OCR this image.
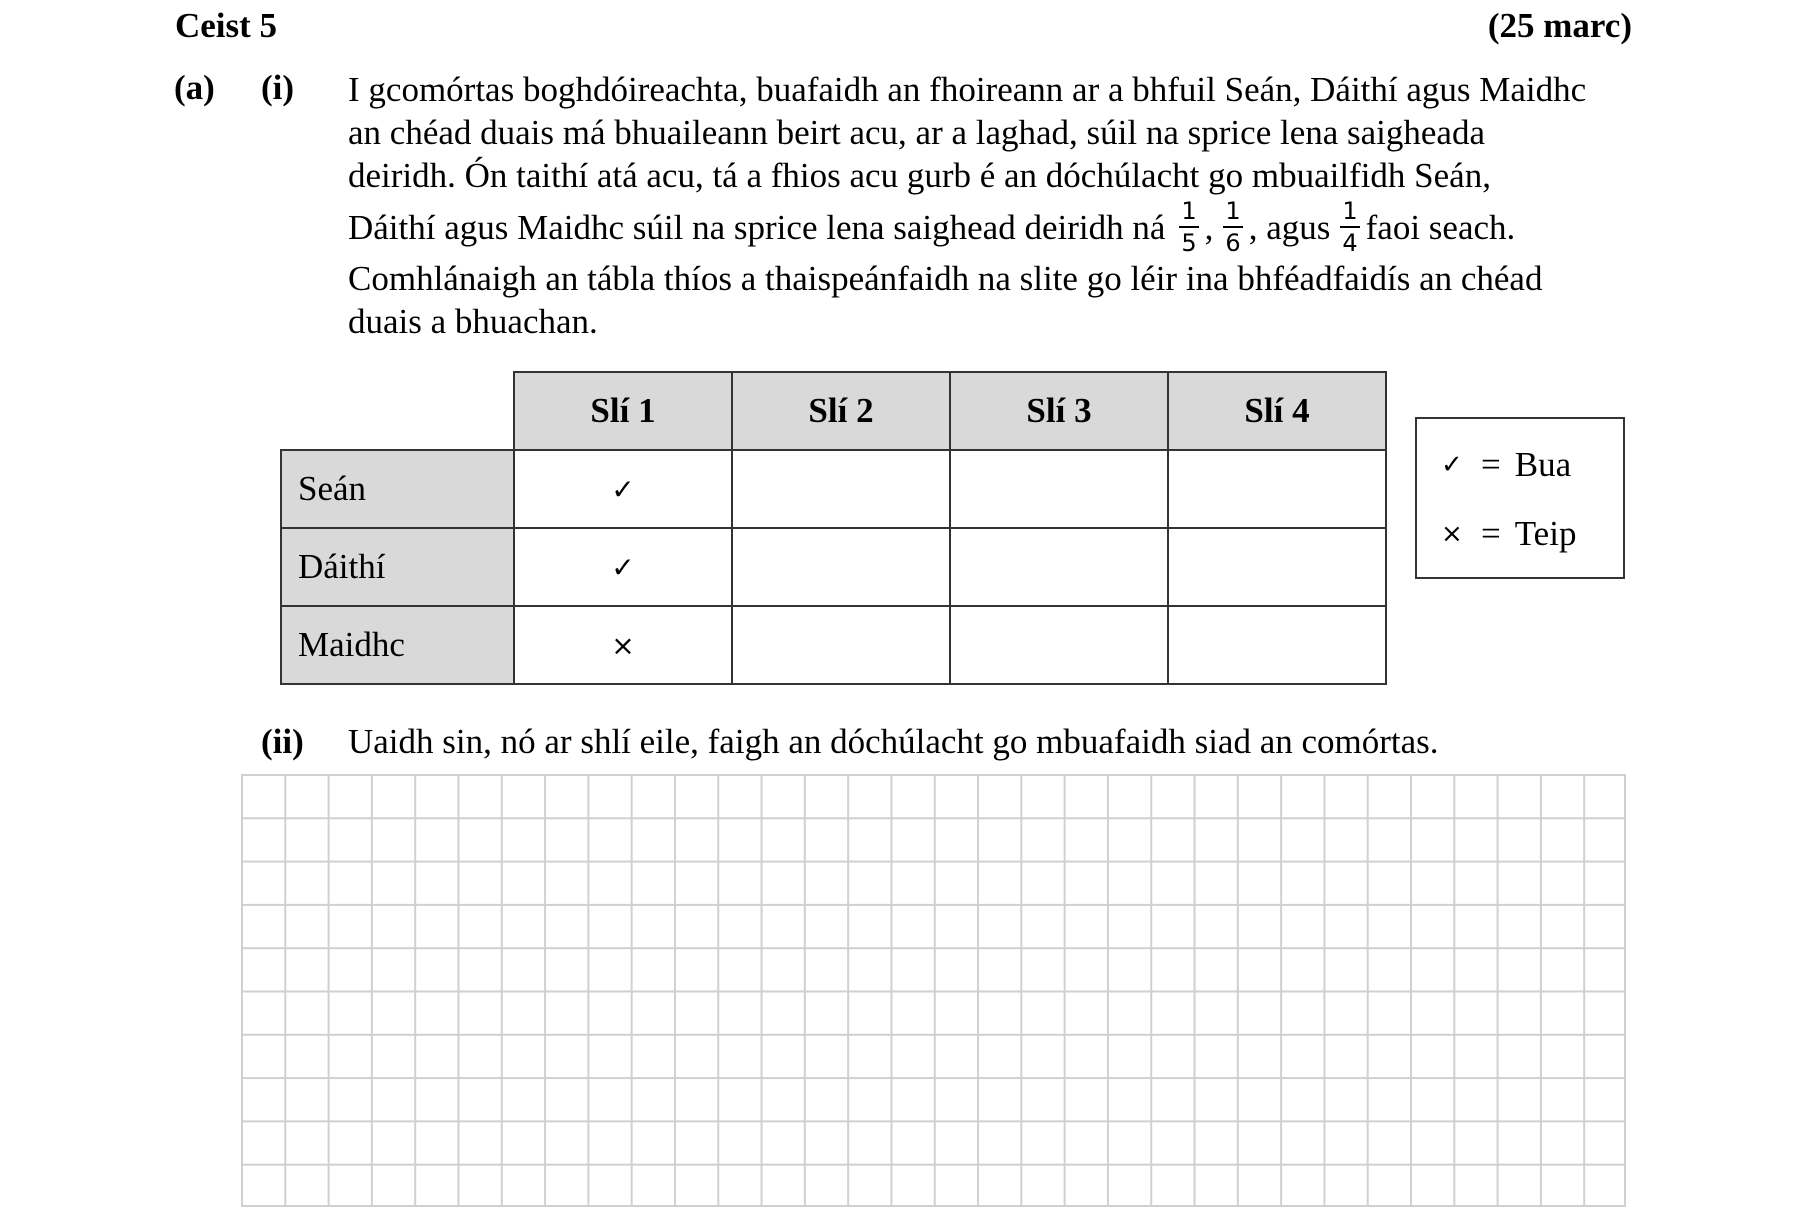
Ceist 5	(25 marc)
(a) (i) I gcomórtas boghdóireachta, buafaidh an fhoireann ar a bhfuil Seán, Dáithí agus Maidhc
an chéad duais má bhuaileann beirt acu, ar a laghad, súil na sprice lena saigheada
deiridh. Ón taithí atá acu, tá a fhios acu gurb é an dóchúlacht go mbuailfidh Seán,
Dáithí agus Maidhc súil na sprice lena saighead deiridh ná $\frac{1}{5}$ , $\frac{1}{6}$ , agus $\frac{1}{4}$ faoi seach.
Comhlánaigh an tábla thíos a thaispeánfaidh na slite go léir ina bhféadfaidís an chéad
duais a bhuachan.
	Slí 1	Slí 2	Slí 3	Slí 4
Seán	✓			
Dáithí	✓			
Maidhc	×			
✓ = Bua
× = Teip
(ii) Uaidh sin, nó ar shlí eile, faigh an dóchúlacht go mbuafaidh siad an comórtas.
